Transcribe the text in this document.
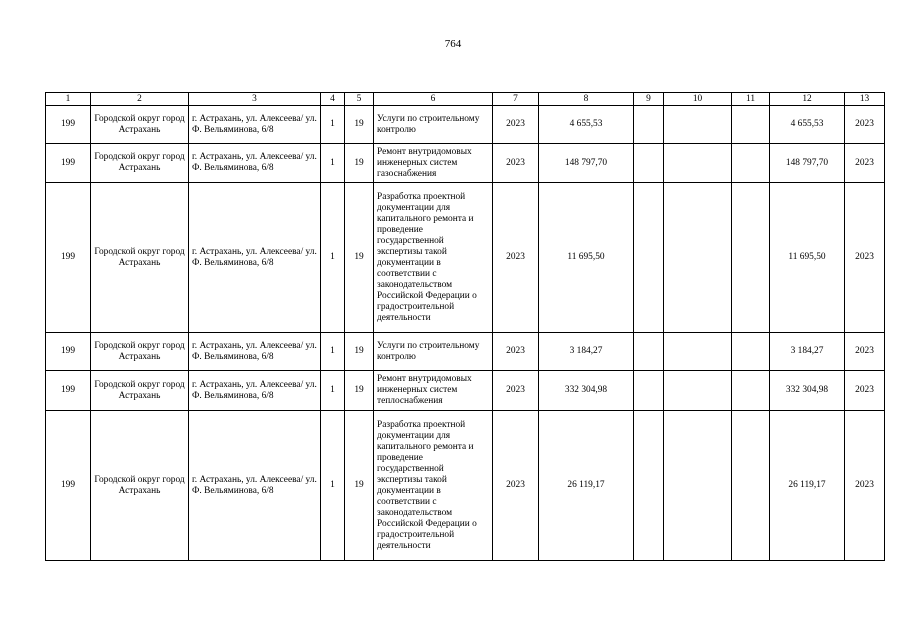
764
1	2	3	4	5	6	7	8	9	10	11	12	13
199	Городской округ город Астрахань	г. Астрахань, ул. Алексеева/ ул. Ф. Вельяминова, 6/8	1	19	Услуги по строительному контролю	2023	4 655,53				4 655,53	2023
199	Городской округ город Астрахань	г. Астрахань, ул. Алексеева/ ул. Ф. Вельяминова, 6/8	1	19	Ремонт внутридомовых инженерных систем газоснабжения	2023	148 797,70				148 797,70	2023
199	Городской округ город Астрахань	г. Астрахань, ул. Алексеева/ ул. Ф. Вельяминова, 6/8	1	19	Разработка проектной документации для капитального ремонта и проведение государственной экспертизы такой документации в соответствии с законодательством Российской Федерации о градостроительной деятельности	2023	11 695,50				11 695,50	2023
199	Городской округ город Астрахань	г. Астрахань, ул. Алексеева/ ул. Ф. Вельяминова, 6/8	1	19	Услуги по строительному контролю	2023	3 184,27				3 184,27	2023
199	Городской округ город Астрахань	г. Астрахань, ул. Алексеева/ ул. Ф. Вельяминова, 6/8	1	19	Ремонт внутридомовых инженерных систем теплоснабжения	2023	332 304,98				332 304,98	2023
199	Городской округ город Астрахань	г. Астрахань, ул. Алексеева/ ул. Ф. Вельяминова, 6/8	1	19	Разработка проектной документации для капитального ремонта и проведение государственной экспертизы такой документации в соответствии с законодательством Российской Федерации о градостроительной деятельности	2023	26 119,17				26 119,17	2023
